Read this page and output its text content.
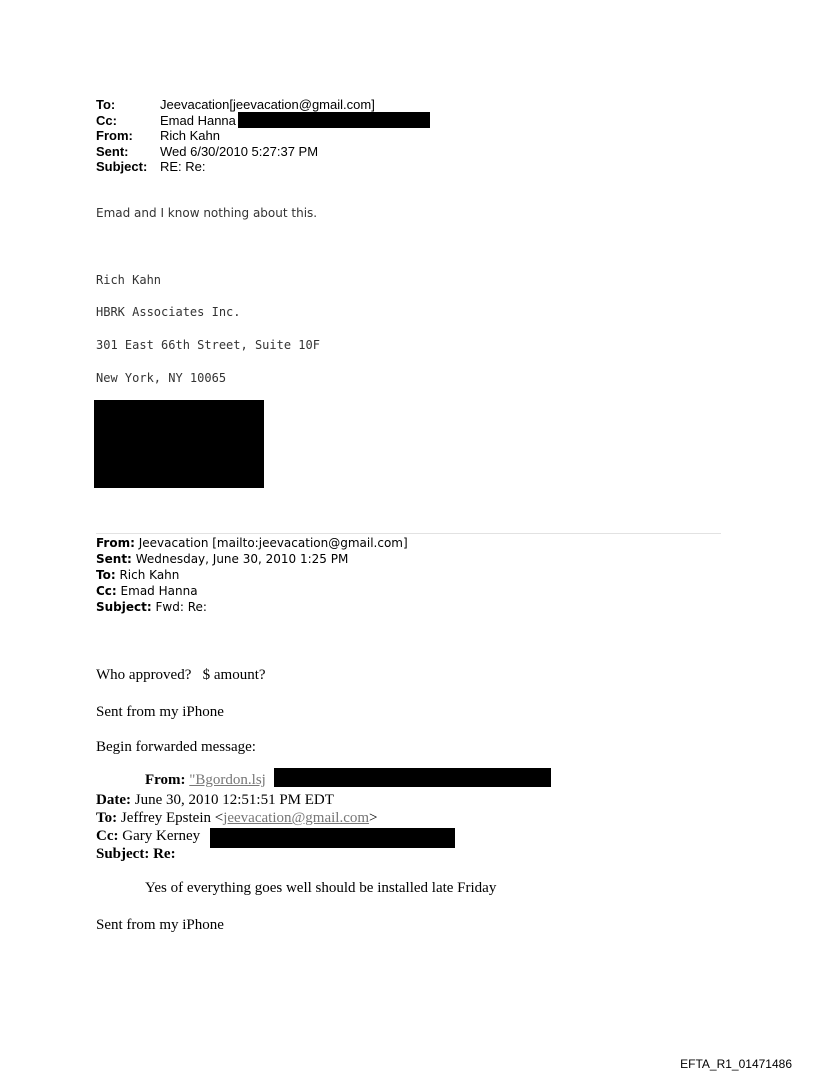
To:	Jeevacation[jeevacation@gmail.com]
Cc:	Emad Hanna
From:	Rich Kahn
Sent:	Wed 6/30/2010 5:27:37 PM
Subject: RE: Re:
Emad and I know nothing about this.
Rich Kahn
HBRK Associates Inc.
301 East 66th Street, Suite 10F
New York, NY 10065
From: Jeevacation [mailto:jeevacation@gmail.com]
Sent: Wednesday, June 30, 2010 1:25 PM
To: Rich Kahn
Cc: Emad Hanna
Subject: Fwd: Re:
Who approved?   $ amount?
Sent from my iPhone
Begin forwarded message:
From: "Bgordon.lsj
Date: June 30, 2010 12:51:51 PM EDT
To: Jeffrey Epstein <jeevacation@gmail.com>
Cc: Gary Kerney
Subject: Re:
Yes of everything goes well should be installed late Friday
Sent from my iPhone
EFTA_R1_01471486
